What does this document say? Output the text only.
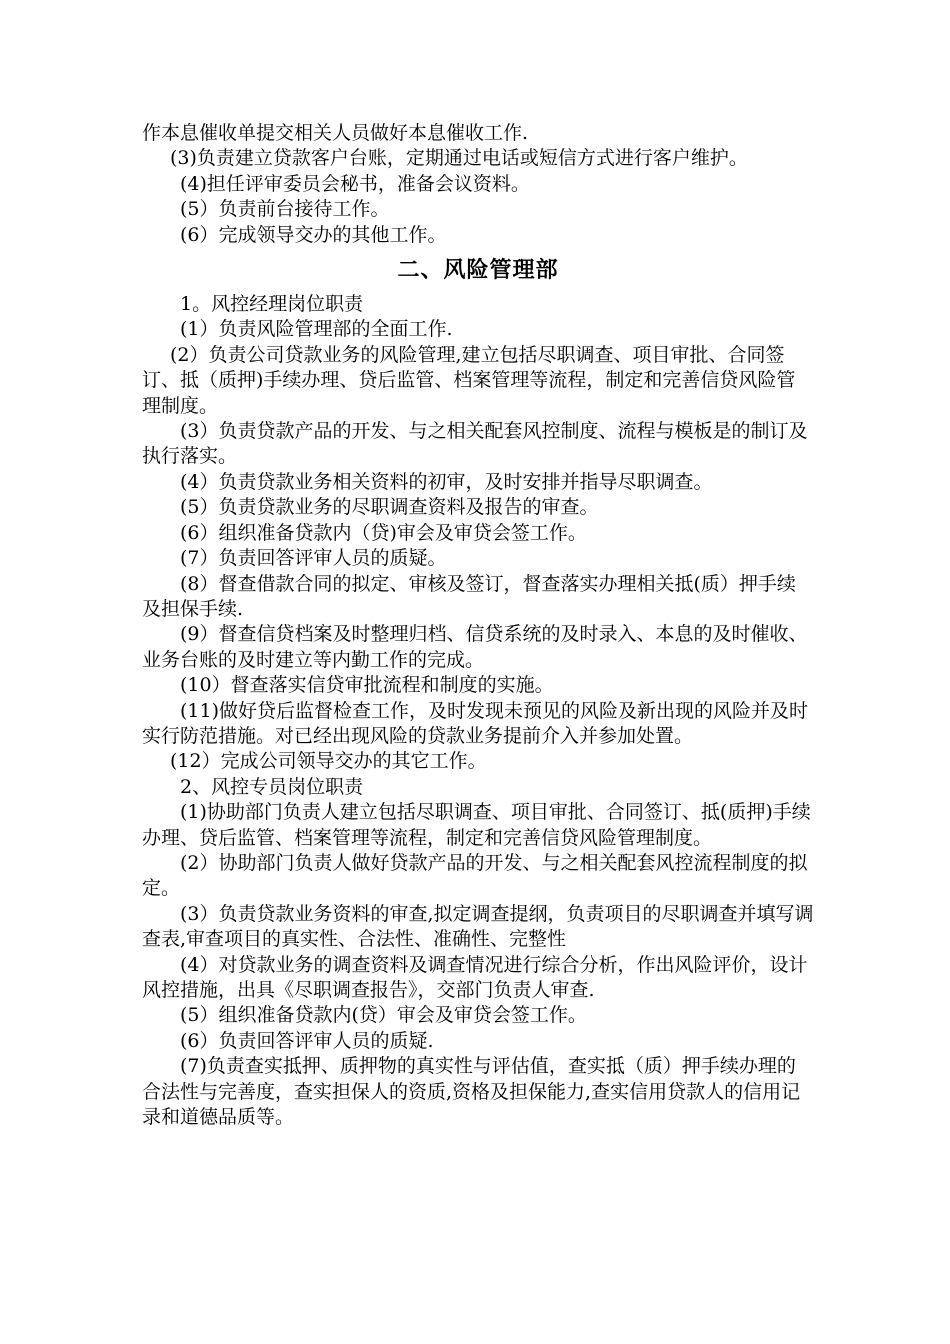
作本息催收单提交相关人员做好本息催收工作.

(3)负责建立贷款客户台账，定期通过电话或短信方式进行客户维护。

(4)担任评审委员会秘书，准备会议资料。

(5）负责前台接待工作。

(6）完成领导交办的其他工作。

二、风险管理部

1。风控经理岗位职责

(1）负责风险管理部的全面工作.

(2）负责公司贷款业务的风险管理,建立包括尽职调查、项目审批、合同签订、抵（质押)手续办理、贷后监管、档案管理等流程，制定和完善信贷风险管理制度。

(3）负责贷款产品的开发、与之相关配套风控制度、流程与模板是的制订及执行落实。

(4）负责贷款业务相关资料的初审，及时安排并指导尽职调查。

(5）负责贷款业务的尽职调查资料及报告的审查。

(6）组织准备贷款内（贷)审会及审贷会签工作。

(7）负责回答评审人员的质疑。

(8）督查借款合同的拟定、审核及签订，督查落实办理相关抵(质）押手续及担保手续.

(9）督查信贷档案及时整理归档、信贷系统的及时录入、本息的及时催收、业务台账的及时建立等内勤工作的完成。

(10）督查落实信贷审批流程和制度的实施。

(11)做好贷后监督检查工作，及时发现未预见的风险及新出现的风险并及时实行防范措施。对已经出现风险的贷款业务提前介入并参加处置。

(12）完成公司领导交办的其它工作。

2、风控专员岗位职责

(1)协助部门负责人建立包括尽职调查、项目审批、合同签订、抵(质押)手续办理、贷后监管、档案管理等流程，制定和完善信贷风险管理制度。

(2）协助部门负责人做好贷款产品的开发、与之相关配套风控流程制度的拟定。

(3）负责贷款业务资料的审查,拟定调查提纲，负责项目的尽职调查并填写调查表,审查项目的真实性、合法性、准确性、完整性

(4）对贷款业务的调查资料及调查情况进行综合分析，作出风险评价，设计风控措施，出具《尽职调查报告》，交部门负责人审查.

(5）组织准备贷款内(贷）审会及审贷会签工作。

(6）负责回答评审人员的质疑.

(7)负责查实抵押、质押物的真实性与评估值，查实抵（质）押手续办理的合法性与完善度，查实担保人的资质,资格及担保能力,查实信用贷款人的信用记录和道德品质等。
